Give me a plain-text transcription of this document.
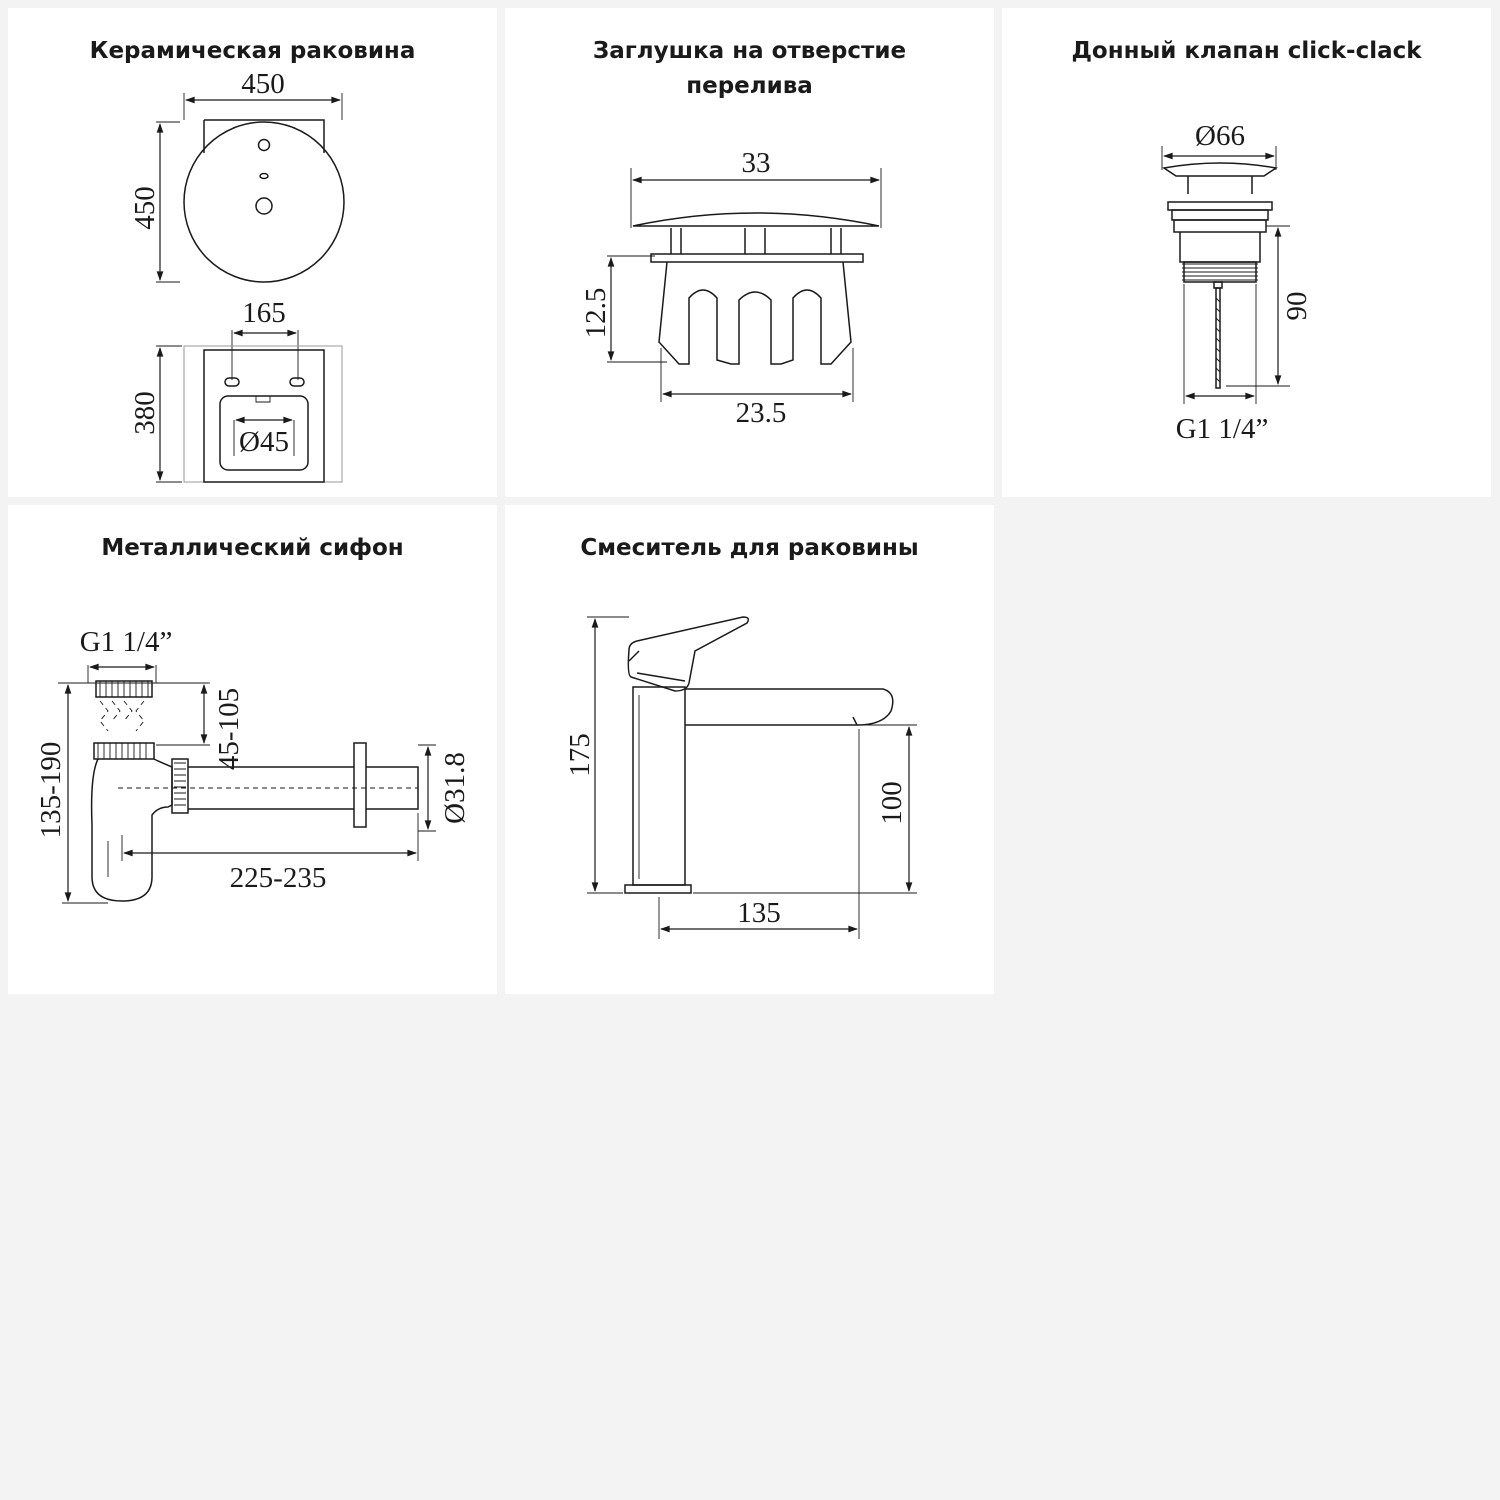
Керамическая раковина
450
450
165
Ø45
380
Заглушка на отверстие
перелива
33
12.5
23.5
Донный клапан click-clack
Ø66
90
G1 1/4”
Металлический сифон
G1 1/4”
45-105
135-190	Ø31.8
225-235
Смеситель для раковины
175
100
135
